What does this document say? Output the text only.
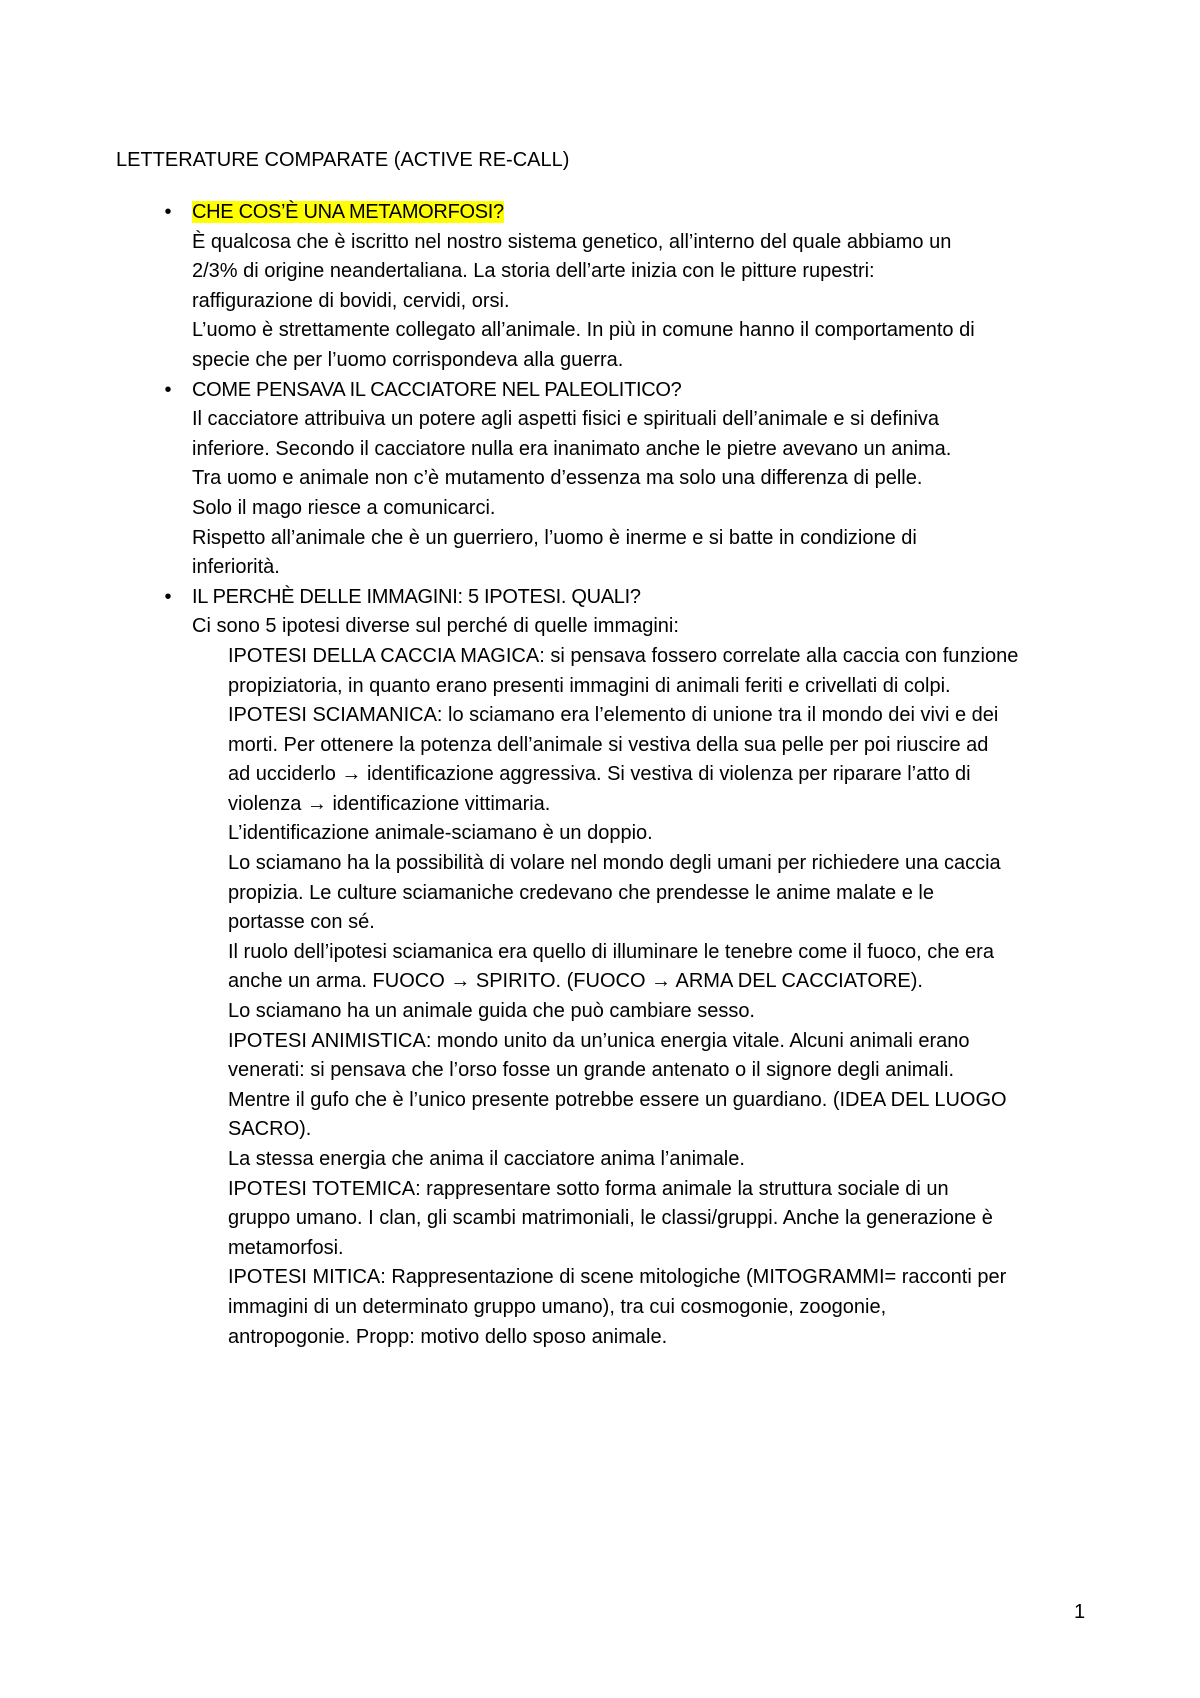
LETTERATURE COMPARATE (ACTIVE RE-CALL)
•	CHE COS’È UNA METAMORFOSI?
È qualcosa che è iscritto nel nostro sistema genetico, all’interno del quale abbiamo un
2/3% di origine neandertaliana. La storia dell’arte inizia con le pitture rupestri:
raffigurazione di bovidi, cervidi, orsi.
L’uomo è strettamente collegato all’animale. In più in comune hanno il comportamento di
specie che per l’uomo corrispondeva alla guerra.
•	COME PENSAVA IL CACCIATORE NEL PALEOLITICO?
Il cacciatore attribuiva un potere agli aspetti fisici e spirituali dell’animale e si definiva
inferiore. Secondo il cacciatore nulla era inanimato anche le pietre avevano un anima.
Tra uomo e animale non c’è mutamento d’essenza ma solo una differenza di pelle.
Solo il mago riesce a comunicarci.
Rispetto all’animale che è un guerriero, l’uomo è inerme e si batte in condizione di
inferiorità.
•	IL PERCHÈ DELLE IMMAGINI: 5 IPOTESI. QUALI?
Ci sono 5 ipotesi diverse sul perché di quelle immagini:
IPOTESI DELLA CACCIA MAGICA: si pensava fossero correlate alla caccia con funzione
propiziatoria, in quanto erano presenti immagini di animali feriti e crivellati di colpi.
IPOTESI SCIAMANICA: lo sciamano era l’elemento di unione tra il mondo dei vivi e dei
morti. Per ottenere la potenza dell’animale si vestiva della sua pelle per poi riuscire ad
ad ucciderlo → identificazione aggressiva. Si vestiva di violenza per riparare l’atto di
violenza → identificazione vittimaria.
L’identificazione animale-sciamano è un doppio.
Lo sciamano ha la possibilità di volare nel mondo degli umani per richiedere una caccia
propizia. Le culture sciamaniche credevano che prendesse le anime malate e le
portasse con sé.
Il ruolo dell’ipotesi sciamanica era quello di illuminare le tenebre come il fuoco, che era
anche un arma. FUOCO → SPIRITO. (FUOCO → ARMA DEL CACCIATORE).
Lo sciamano ha un animale guida che può cambiare sesso.
IPOTESI ANIMISTICA: mondo unito da un’unica energia vitale. Alcuni animali erano
venerati: si pensava che l’orso fosse un grande antenato o il signore degli animali.
Mentre il gufo che è l’unico presente potrebbe essere un guardiano. (IDEA DEL LUOGO
SACRO).
La stessa energia che anima il cacciatore anima l’animale.
IPOTESI TOTEMICA: rappresentare sotto forma animale la struttura sociale di un
gruppo umano. I clan, gli scambi matrimoniali, le classi/gruppi. Anche la generazione è
metamorfosi.
IPOTESI MITICA: Rappresentazione di scene mitologiche (MITOGRAMMI= racconti per
immagini di un determinato gruppo umano), tra cui cosmogonie, zoogonie,
antropogonie. Propp: motivo dello sposo animale.
1
